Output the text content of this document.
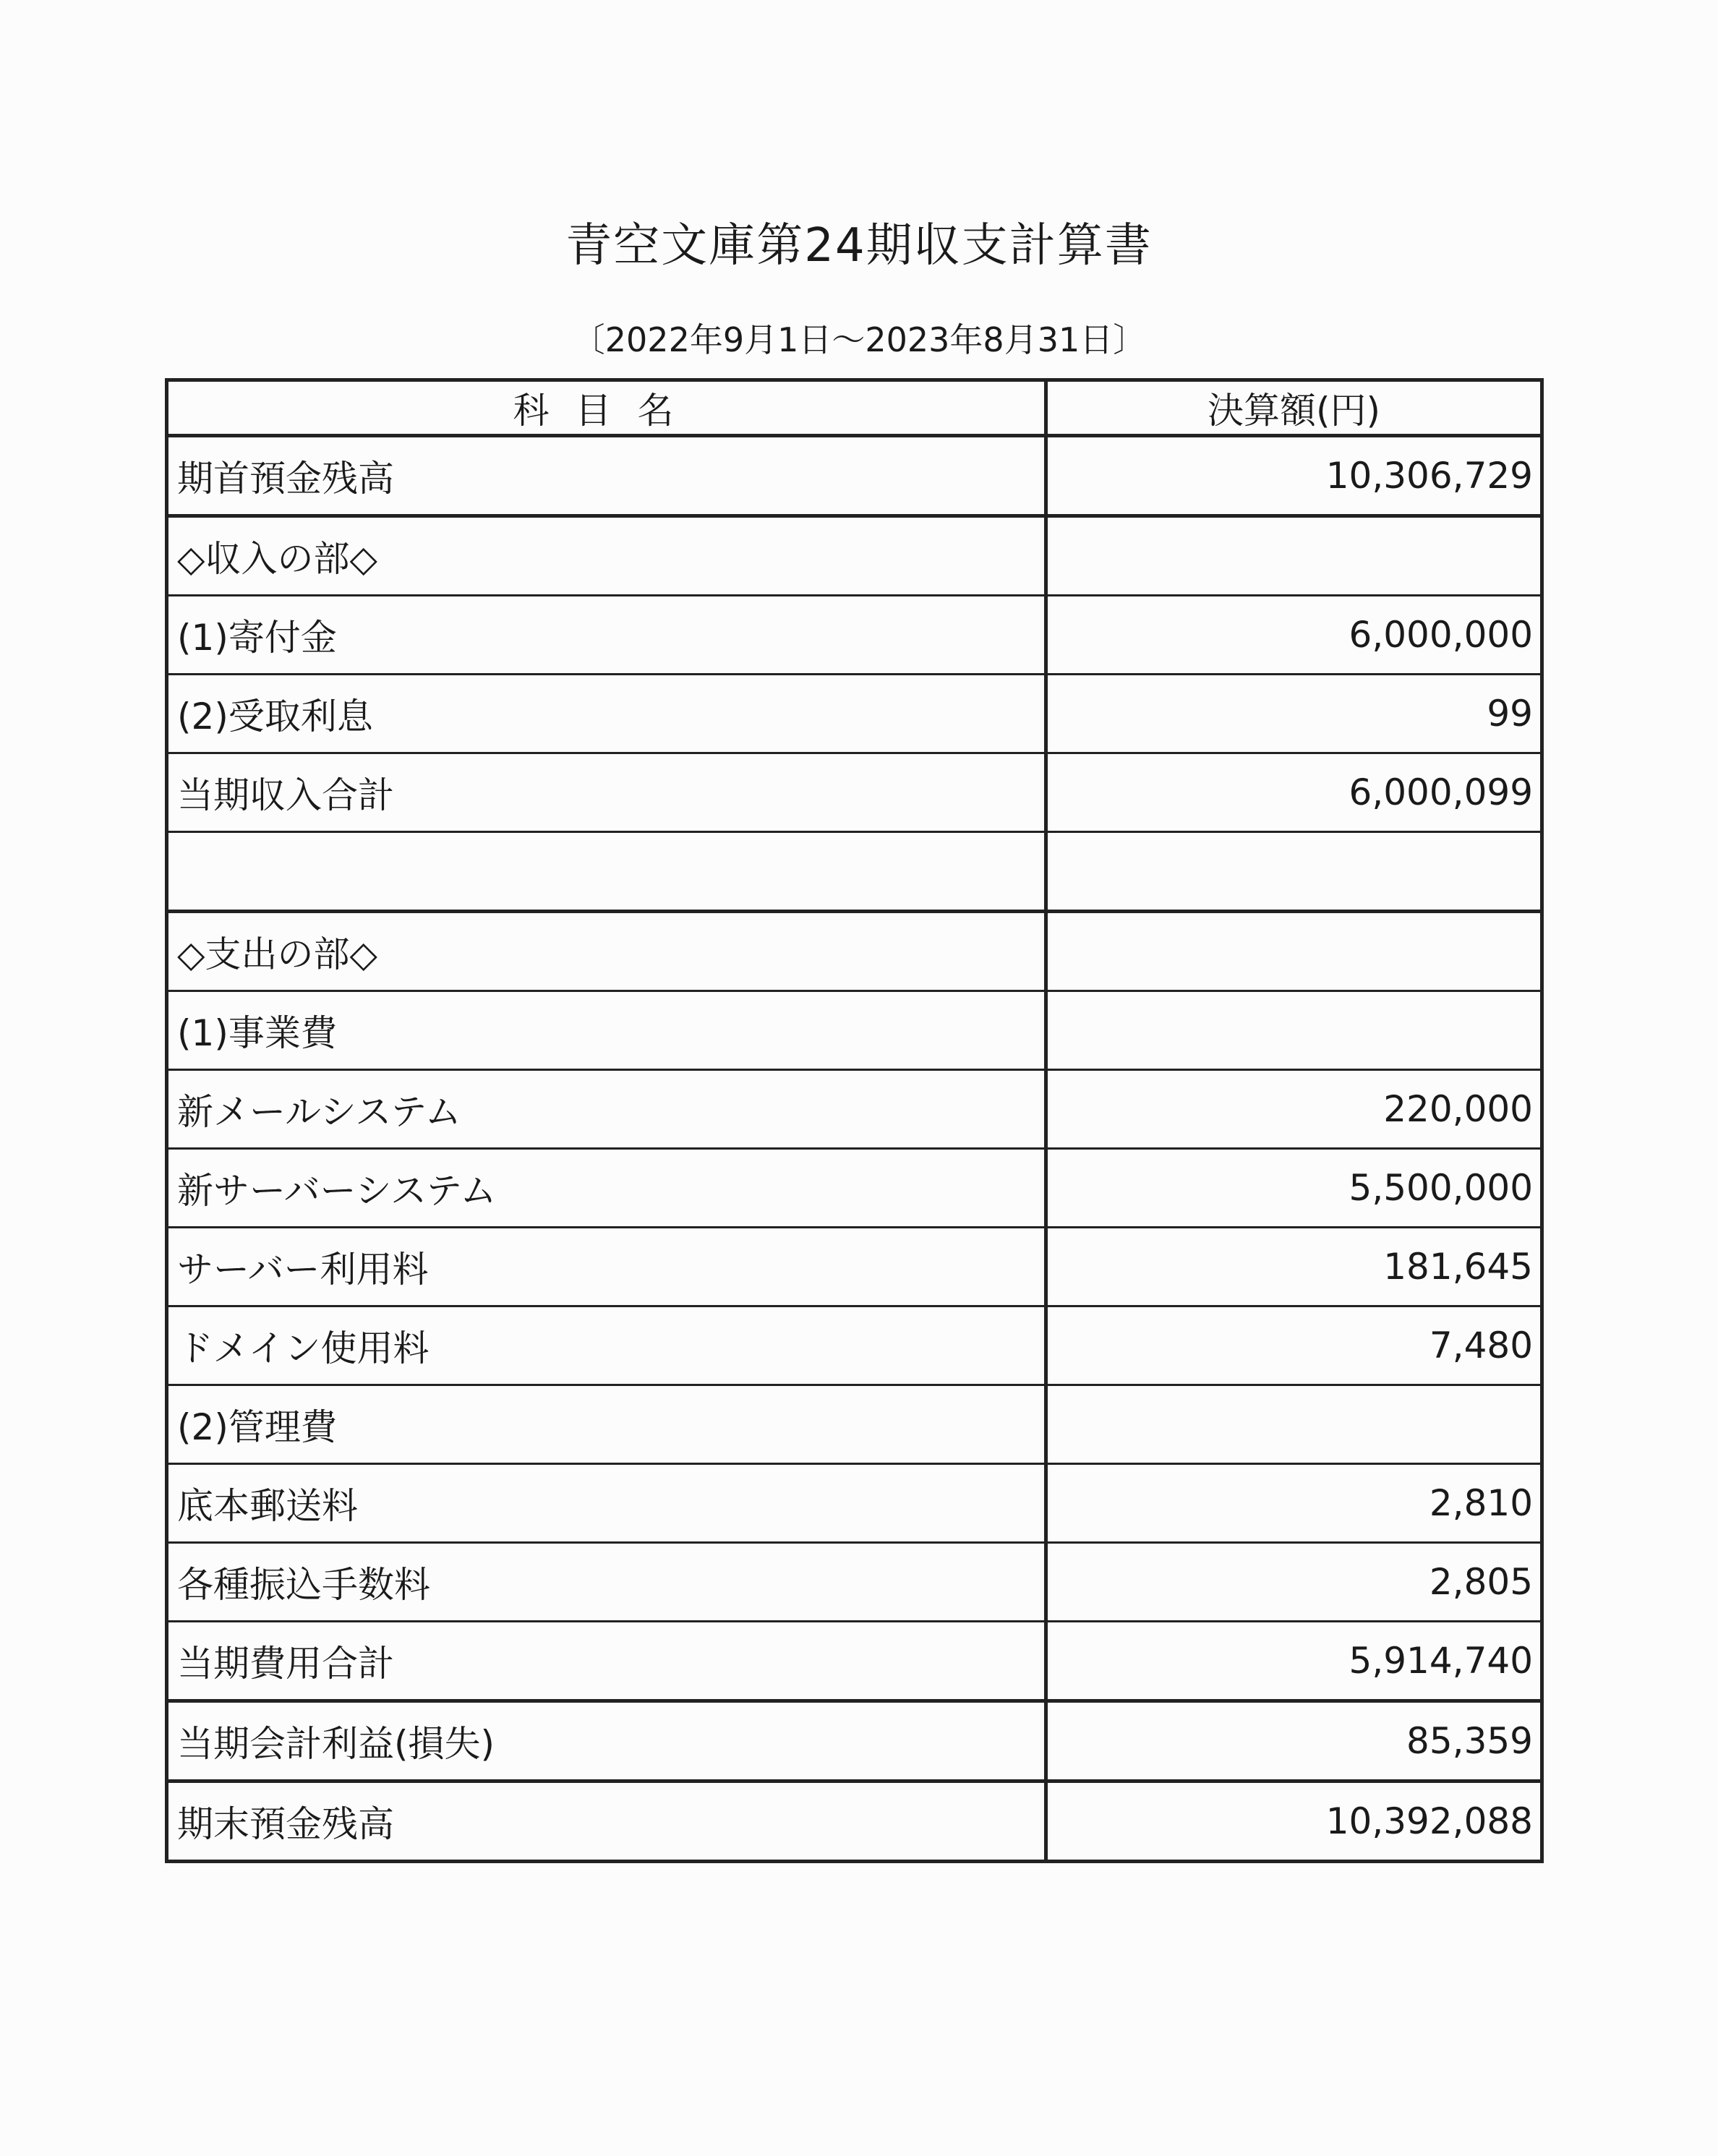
青空文庫第24期収支計算書
〔2022年9月1日～2023年8月31日〕
科目名	決算額(円)
期首預金残高	10,306,729
◇収入の部◇	
(1)寄付金	6,000,000
(2)受取利息	99
当期収入合計	6,000,099

◇支出の部◇	
(1)事業費	
新メールシステム	220,000
新サーバーシステム	5,500,000
サーバー利用料	181,645
ドメイン使用料	7,480
(2)管理費	
底本郵送料	2,810
各種振込手数料	2,805
当期費用合計	5,914,740
当期会計利益(損失)	85,359
期末預金残高	10,392,088
